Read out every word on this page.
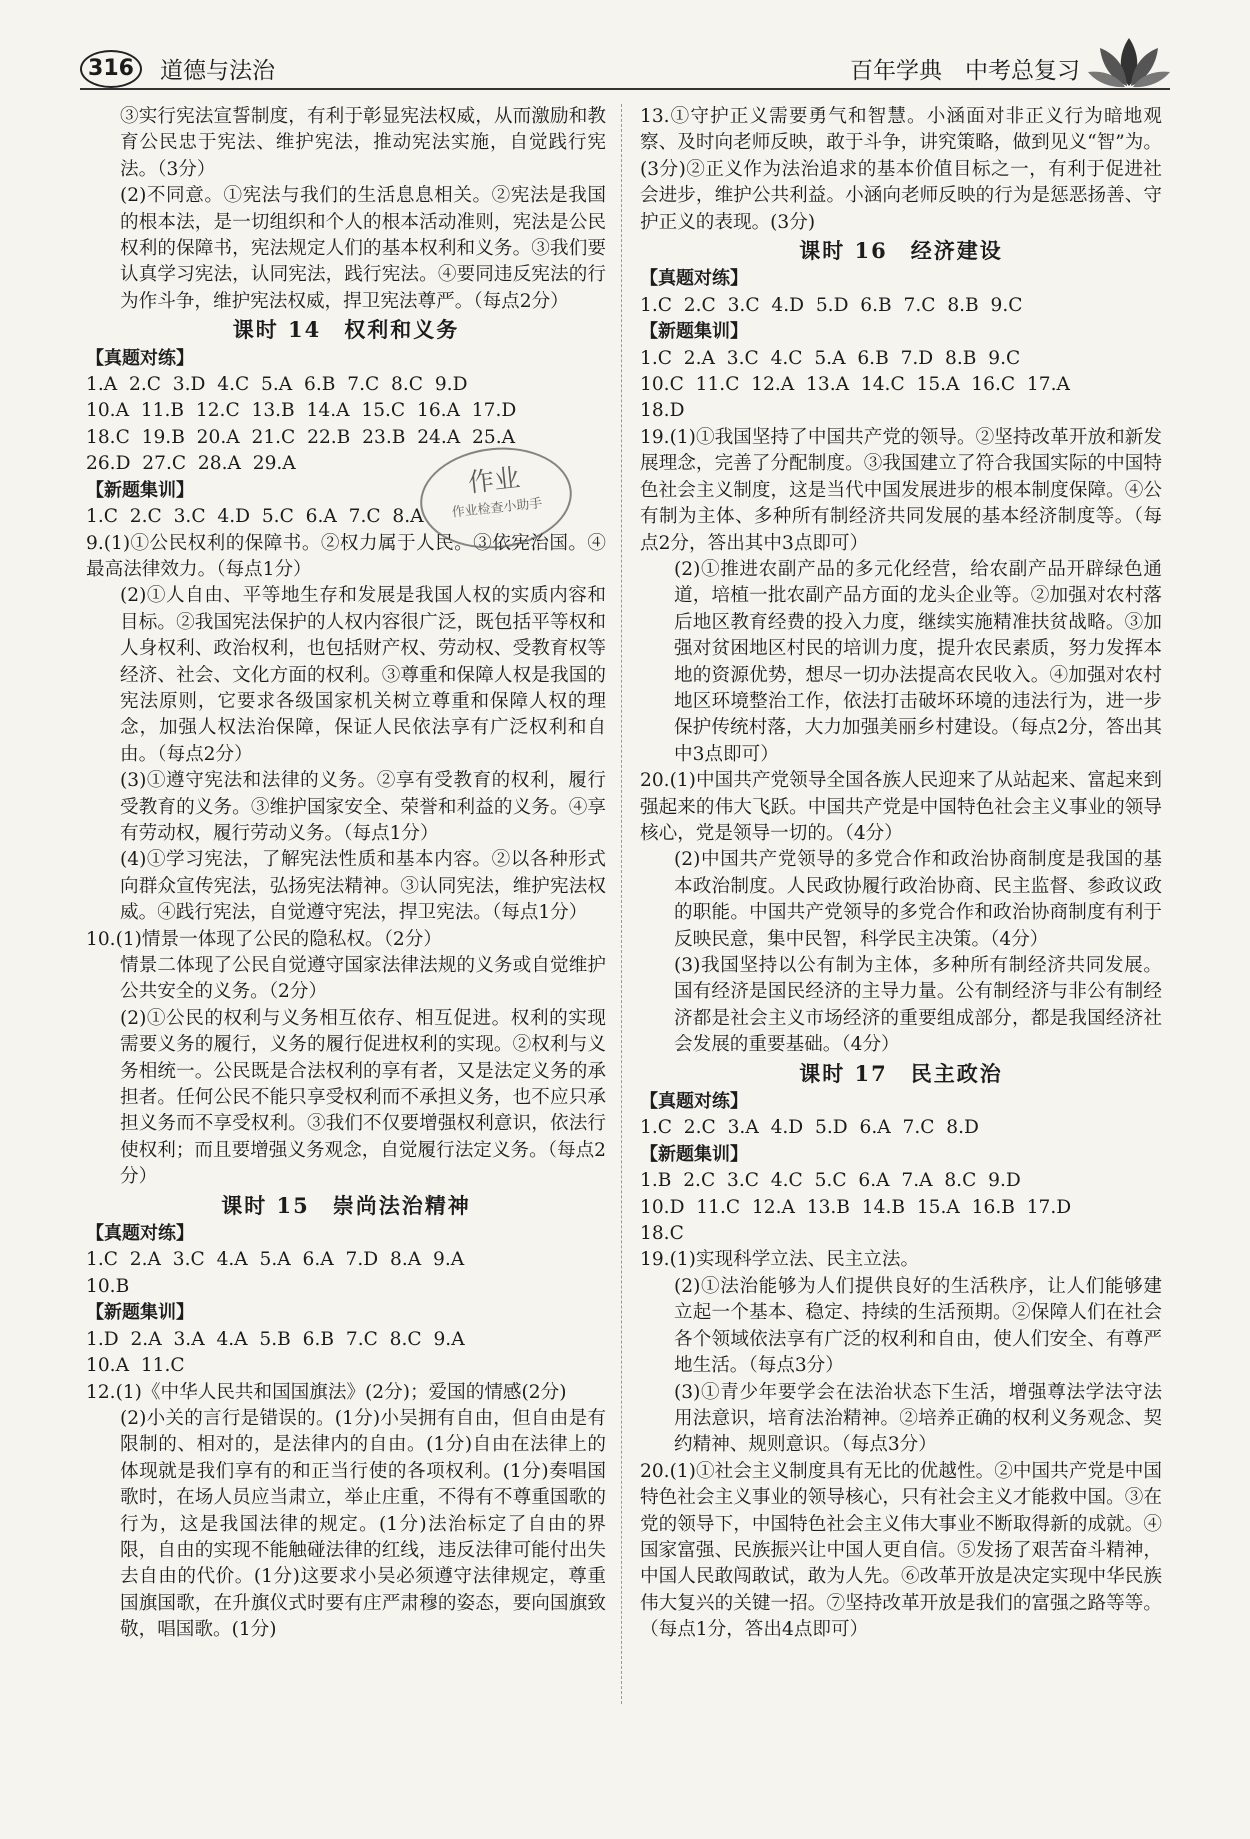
316	道德与法治	百年学典　中考总复习
③实行宪法宣誓制度，有利于彰显宪法权威，从而激励和教育公民忠于宪法、维护宪法，推动宪法实施，自觉践行宪法。（3分）
(2)不同意。①宪法与我们的生活息息相关。②宪法是我国的根本法，是一切组织和个人的根本活动准则，宪法是公民权利的保障书，宪法规定人们的基本权利和义务。③我们要认真学习宪法，认同宪法，践行宪法。④要同违反宪法的行为作斗争，维护宪法权威，捍卫宪法尊严。（每点2分）
课时 14　权利和义务
【真题对练】
1.A  2.C  3.D  4.C  5.A  6.B  7.C  8.C  9.D
10.A  11.B  12.C  13.B  14.A  15.C  16.A  17.D
18.C  19.B  20.A  21.C  22.B  23.B  24.A  25.A
26.D  27.C  28.A  29.A
【新题集训】
1.C  2.C  3.C  4.D  5.C  6.A  7.C  8.A
9.(1)①公民权利的保障书。②权力属于人民。③依宪治国。④最高法律效力。（每点1分）
(2)①人自由、平等地生存和发展是我国人权的实质内容和目标。②我国宪法保护的人权内容很广泛，既包括平等权和人身权利、政治权利，也包括财产权、劳动权、受教育权等经济、社会、文化方面的权利。③尊重和保障人权是我国的宪法原则，它要求各级国家机关树立尊重和保障人权的理念，加强人权法治保障，保证人民依法享有广泛权利和自由。（每点2分）
(3)①遵守宪法和法律的义务。②享有受教育的权利，履行受教育的义务。③维护国家安全、荣誉和利益的义务。④享有劳动权，履行劳动义务。（每点1分）
(4)①学习宪法，了解宪法性质和基本内容。②以各种形式向群众宣传宪法，弘扬宪法精神。③认同宪法，维护宪法权威。④践行宪法，自觉遵守宪法，捍卫宪法。（每点1分）
10.(1)情景一体现了公民的隐私权。（2分）
情景二体现了公民自觉遵守国家法律法规的义务或自觉维护公共安全的义务。（2分）
(2)①公民的权利与义务相互依存、相互促进。权利的实现需要义务的履行，义务的履行促进权利的实现。②权利与义务相统一。公民既是合法权利的享有者，又是法定义务的承担者。任何公民不能只享受权利而不承担义务，也不应只承担义务而不享受权利。③我们不仅要增强权利意识，依法行使权利；而且要增强义务观念，自觉履行法定义务。（每点2分）
课时 15　崇尚法治精神
【真题对练】
1.C  2.A  3.C  4.A  5.A  6.A  7.D  8.A  9.A
10.B
【新题集训】
1.D  2.A  3.A  4.A  5.B  6.B  7.C  8.C  9.A
10.A  11.C
12.(1)《中华人民共和国国旗法》(2分)；爱国的情感(2分)
(2)小关的言行是错误的。(1分)小吴拥有自由，但自由是有限制的、相对的，是法律内的自由。(1分)自由在法律上的体现就是我们享有的和正当行使的各项权利。(1分)奏唱国歌时，在场人员应当肃立，举止庄重，不得有不尊重国歌的行为，这是我国法律的规定。(1分)法治标定了自由的界限，自由的实现不能触碰法律的红线，违反法律可能付出失去自由的代价。(1分)这要求小吴必须遵守法律规定，尊重国旗国歌，在升旗仪式时要有庄严肃穆的姿态，要向国旗致敬，唱国歌。(1分)
13.①守护正义需要勇气和智慧。小涵面对非正义行为暗地观察、及时向老师反映，敢于斗争，讲究策略，做到见义“智”为。(3分)②正义作为法治追求的基本价值目标之一，有利于促进社会进步，维护公共利益。小涵向老师反映的行为是惩恶扬善、守护正义的表现。(3分)
课时 16　经济建设
【真题对练】
1.C  2.C  3.C  4.D  5.D  6.B  7.C  8.B  9.C
【新题集训】
1.C  2.A  3.C  4.C  5.A  6.B  7.D  8.B  9.C
10.C  11.C  12.A  13.A  14.C  15.A  16.C  17.A
18.D
19.(1)①我国坚持了中国共产党的领导。②坚持改革开放和新发展理念，完善了分配制度。③我国建立了符合我国实际的中国特色社会主义制度，这是当代中国发展进步的根本制度保障。④公有制为主体、多种所有制经济共同发展的基本经济制度等。（每点2分，答出其中3点即可）
(2)①推进农副产品的多元化经营，给农副产品开辟绿色通道，培植一批农副产品方面的龙头企业等。②加强对农村落后地区教育经费的投入力度，继续实施精准扶贫战略。③加强对贫困地区村民的培训力度，提升农民素质，努力发挥本地的资源优势，想尽一切办法提高农民收入。④加强对农村地区环境整治工作，依法打击破坏环境的违法行为，进一步保护传统村落，大力加强美丽乡村建设。（每点2分，答出其中3点即可）
20.(1)中国共产党领导全国各族人民迎来了从站起来、富起来到强起来的伟大飞跃。中国共产党是中国特色社会主义事业的领导核心，党是领导一切的。（4分）
(2)中国共产党领导的多党合作和政治协商制度是我国的基本政治制度。人民政协履行政治协商、民主监督、参政议政的职能。中国共产党领导的多党合作和政治协商制度有利于反映民意，集中民智，科学民主决策。（4分）
(3)我国坚持以公有制为主体，多种所有制经济共同发展。国有经济是国民经济的主导力量。公有制经济与非公有制经济都是社会主义市场经济的重要组成部分，都是我国经济社会发展的重要基础。（4分）
课时 17　民主政治
【真题对练】
1.C  2.C  3.A  4.D  5.D  6.A  7.C  8.D
【新题集训】
1.B  2.C  3.C  4.C  5.C  6.A  7.A  8.C  9.D
10.D  11.C  12.A  13.B  14.B  15.A  16.B  17.D
18.C
19.(1)实现科学立法、民主立法。
(2)①法治能够为人们提供良好的生活秩序，让人们能够建立起一个基本、稳定、持续的生活预期。②保障人们在社会各个领域依法享有广泛的权利和自由，使人们安全、有尊严地生活。（每点3分）
(3)①青少年要学会在法治状态下生活，增强尊法学法守法用法意识，培育法治精神。②培养正确的权利义务观念、契约精神、规则意识。（每点3分）
20.(1)①社会主义制度具有无比的优越性。②中国共产党是中国特色社会主义事业的领导核心，只有社会主义才能救中国。③在党的领导下，中国特色社会主义伟大事业不断取得新的成就。④国家富强、民族振兴让中国人更自信。⑤发扬了艰苦奋斗精神，中国人民敢闯敢试，敢为人先。⑥改革开放是决定实现中华民族伟大复兴的关键一招。⑦坚持改革开放是我们的富强之路等等。（每点1分，答出4点即可）
作业
作业检查小助手
